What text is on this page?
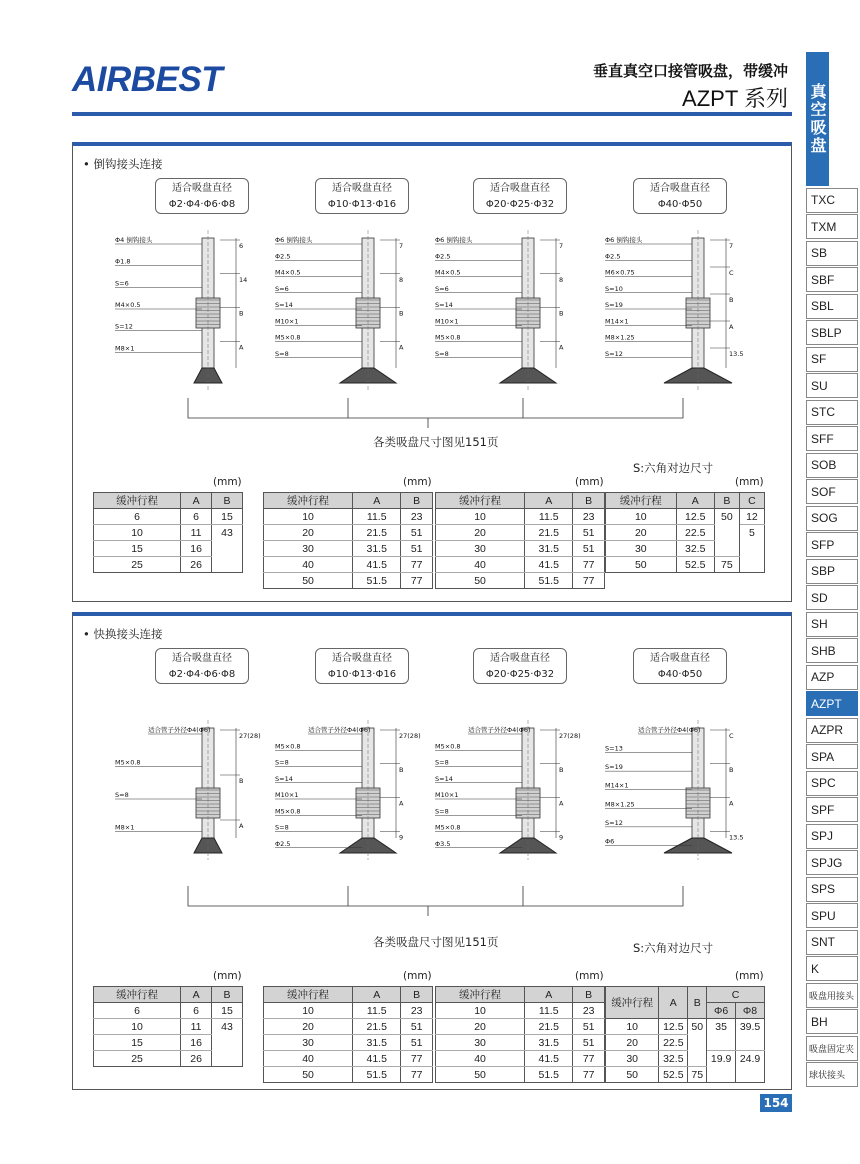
AIRBEST	垂直真空口接管吸盘，带缓冲
AZPT 系列 真空吸盘
TXC
TXM
SB
SBF
SBL
SBLP
SF
SU
STC
SFF
SOB
SOF
SOG
SFP
SBP
SD
SH
SHB
AZP
AZPT
AZPR
SPA
SPC
SPF
SPJ
SPJG
SPS
SPU
SNT
K
吸盘用接头
BH
吸盘固定夹
球状接头
• 倒钩接头连接
适合吸盘直径
Φ2·Φ4·Φ6·Φ8
适合吸盘直径
Φ10·Φ13·Φ16
适合吸盘直径
Φ20·Φ25·Φ32
适合吸盘直径
Φ40·Φ50
Φ4 倒钩接头
Φ1.8
S=6
M4×0.5
S=12
M8×1
6
14
B
A
Φ6 倒钩接头
Φ2.5
M4×0.5
S=6
S=14
M10×1
M5×0.8
S=8
7
8
B
A
Φ6 倒钩接头
Φ2.5
M4×0.5
S=6
S=14
M10×1
M5×0.8
S=8
7
8
B
A
Φ6 倒钩接头
Φ2.5
M6×0.75
S=10
S=19
M14×1
M8×1.25
S=12
7
C
B
A
13.5
各类吸盘尺寸图见151页
S:六角对边尺寸
(mm)
缓冲行程	A	B
6	6	15
10	11	43
15	16	
25	26	
(mm)
缓冲行程	A	B
10	11.5	23
20	21.5	51
30	31.5	51
40	41.5	77
50	51.5	77
(mm)
缓冲行程	A	B
10	11.5	23
20	21.5	51
30	31.5	51
40	41.5	77
50	51.5	77
(mm)
缓冲行程	A	B	C
10	12.5	50	12
20	22.5		5
30	32.5		
50	52.5	75	
• 快换接头连接
适合吸盘直径
Φ2·Φ4·Φ6·Φ8
适合吸盘直径
Φ10·Φ13·Φ16
适合吸盘直径
Φ20·Φ25·Φ32
适合吸盘直径
Φ40·Φ50
适合管子外径Φ4(Φ6)
M5×0.8
S=8
M8×1
27(28)
B
A
适合管子外径Φ4(Φ6)
M5×0.8
S=8
S=14
M10×1
M5×0.8
S=8
Φ2.5
27(28)
B
A
9
适合管子外径Φ4(Φ6)
M5×0.8
S=8
S=14
M10×1
S=8
M5×0.8
Φ3.5
27(28)
B
A
9
适合管子外径Φ4(Φ6)
S=13
S=19
M14×1
M8×1.25
S=12
Φ6
C
B
A
13.5
各类吸盘尺寸图见151页	S:六角对边尺寸
(mm)
缓冲行程	A	B
6	6	15
10	11	43
15	16	
25	26	
(mm)
缓冲行程	A	B
10	11.5	23
20	21.5	51
30	31.5	51
40	41.5	77
50	51.5	77
(mm)
缓冲行程	A	B
10	11.5	23
20	21.5	51
30	31.5	51
40	41.5	77
50	51.5	77
(mm)
缓冲行程	A	B	C	
			Φ6	Φ8
10	12.5	50	35	39.5
20	22.5			
30	32.5		19.9	24.9
50	52.5	75		
154
